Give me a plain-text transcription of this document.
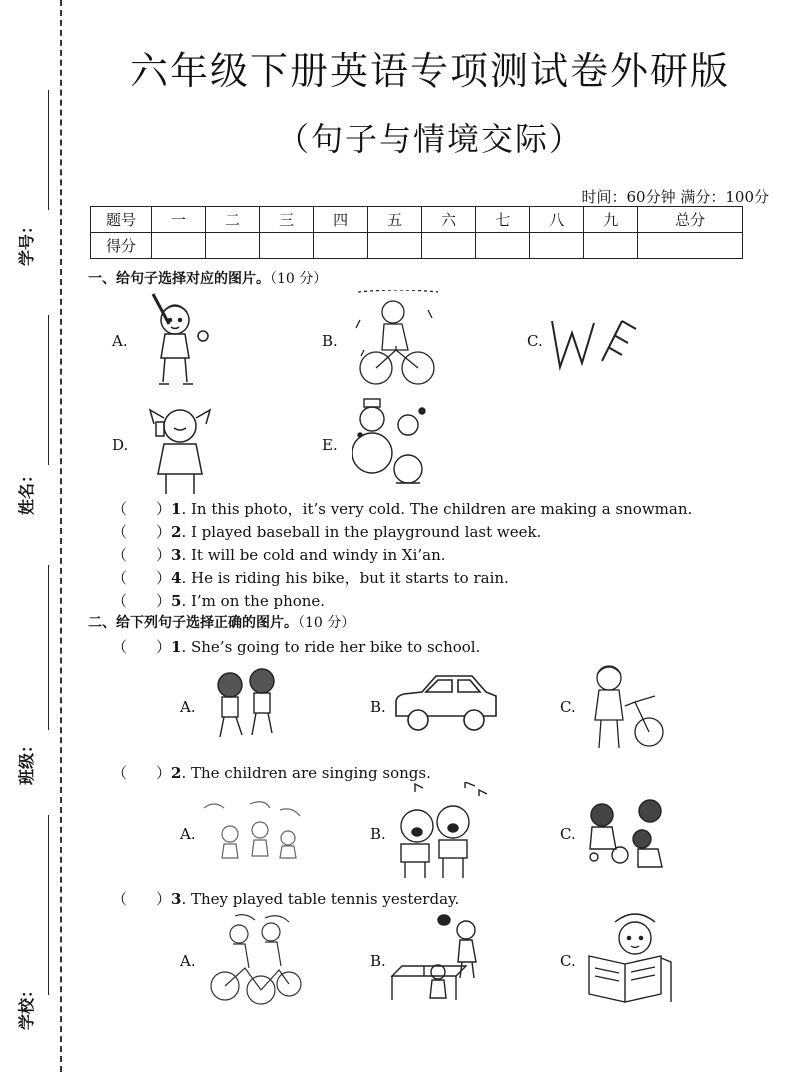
学号：
姓名：
班级：
学校：
六年级下册英语专项测试卷外研版
（句子与情境交际）
时间：60分钟 满分：100分
题号	一	二	三	四	五	六	七	八	九	总分
得分										
一、给句子选择对应的图片。（10 分）
A.	B.	C.
D.	E.
（ ）1. In this photo，it’s very cold. The children are making a snowman.
（ ）2. I played baseball in the playground last week.
（ ）3. It will be cold and windy in Xi’an.
（ ）4. He is riding his bike，but it starts to rain.
（ ）5. I’m on the phone.
二、给下列句子选择正确的图片。（10 分）
（ ）1. She’s going to ride her bike to school.
A.	B.	C.
（ ）2. The children are singing songs.
A.	B.	C.
（ ）3. They played table tennis yesterday.
A.	B.	C.
